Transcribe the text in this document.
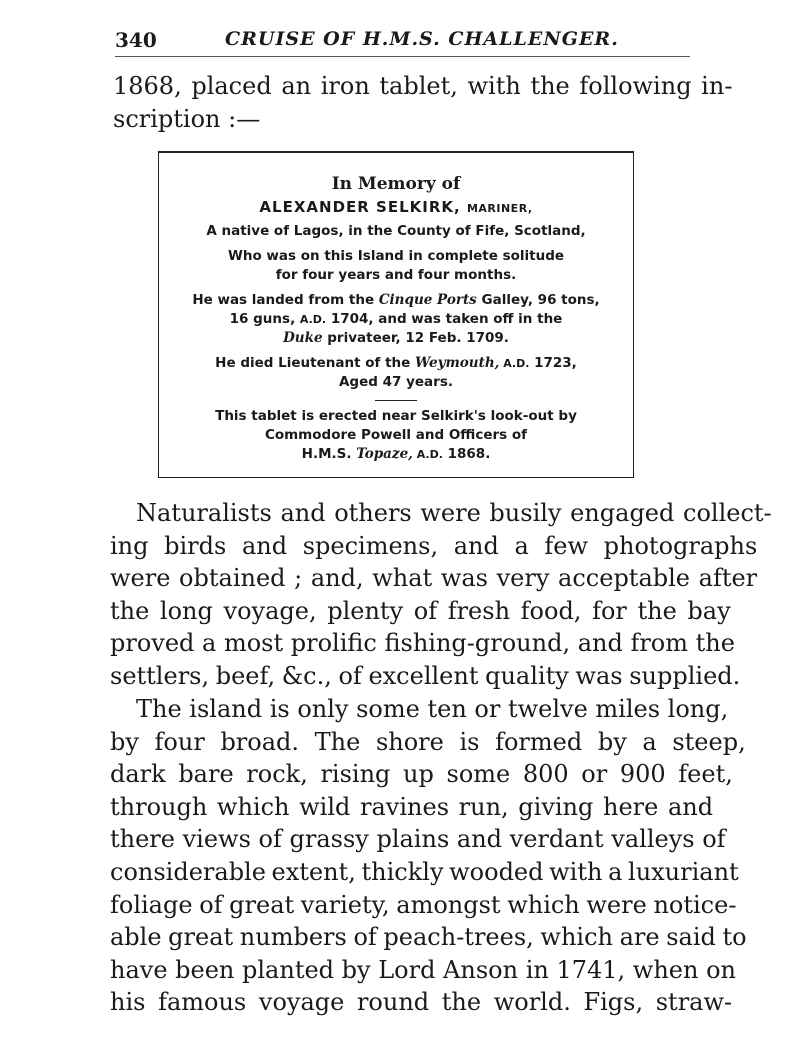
340	CRUISE OF H.M.S. CHALLENGER.
1868, placed an iron tablet, with the following in-
scription :—
In Memory of
ALEXANDER SELKIRK, MARINER,
A native of Lagos, in the County of Fife, Scotland,
Who was on this Island in complete solitude
for four years and four months.
He was landed from the Cinque Ports Galley, 96 tons,
16 guns, A.D. 1704, and was taken off in the
Duke privateer, 12 Feb. 1709.
He died Lieutenant of the Weymouth, A.D. 1723,
Aged 47 years.
This tablet is erected near Selkirk's look-out by
Commodore Powell and Officers of
H.M.S. Topaze, A.D. 1868.
Naturalists and others were busily engaged collect-
ing birds and specimens, and a few photographs
were obtained ; and, what was very acceptable after
the long voyage, plenty of fresh food, for the bay
proved a most prolific fishing-ground, and from the
settlers, beef, &c., of excellent quality was supplied.
The island is only some ten or twelve miles long,
by four broad. The shore is formed by a steep,
dark bare rock, rising up some 800 or 900 feet,
through which wild ravines run, giving here and
there views of grassy plains and verdant valleys of
considerable extent, thickly wooded with a luxuriant
foliage of great variety, amongst which were notice-
able great numbers of peach-trees, which are said to
have been planted by Lord Anson in 1741, when on
his famous voyage round the world. Figs, straw-
